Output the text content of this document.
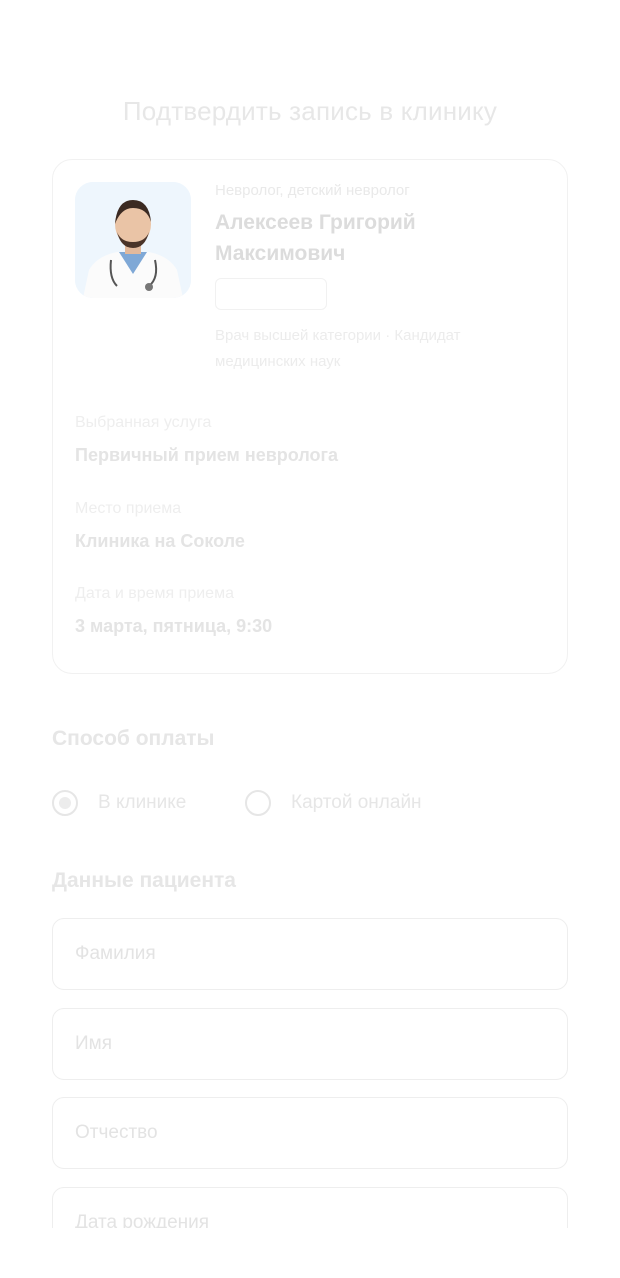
Подтвердить запись в клинику
Невролог, детский невролог
Алексеев Григорий Максимович
Врач высшей категории · Кандидат медицинских наук
Выбранная услуга
Первичный прием невролога
Место приема
Клиника на Соколе
Дата и время приема
3 марта, пятница, 9:30
Способ оплаты
В клинике	Картой онлайн
Данные пациента
Фамилия
Имя
Отчество
Дата рождения
